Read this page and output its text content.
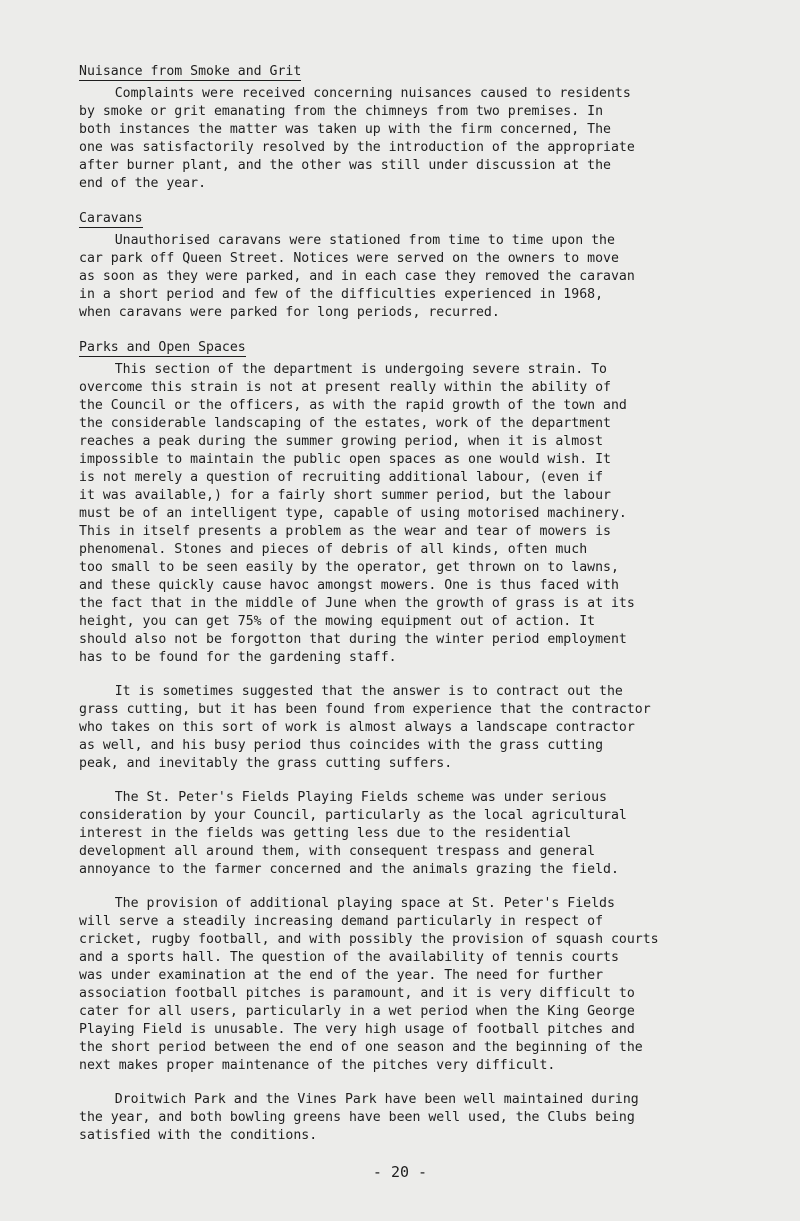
Nuisance from Smoke and Grit

Complaints were received concerning nuisances caused to residents
by smoke or grit emanating from the chimneys from two premises. In
both instances the matter was taken up with the firm concerned, The
one was satisfactorily resolved by the introduction of the appropriate
after burner plant, and the other was still under discussion at the
end of the year.

Caravans

Unauthorised caravans were stationed from time to time upon the
car park off Queen Street. Notices were served on the owners to move
as soon as they were parked, and in each case they removed the caravan
in a short period and few of the difficulties experienced in 1968,
when caravans were parked for long periods, recurred.

Parks and Open Spaces

This section of the department is undergoing severe strain. To
overcome this strain is not at present really within the ability of
the Council or the officers, as with the rapid growth of the town and
the considerable landscaping of the estates, work of the department
reaches a peak during the summer growing period, when it is almost
impossible to maintain the public open spaces as one would wish. It
is not merely a question of recruiting additional labour, (even if
it was available,) for a fairly short summer period, but the labour
must be of an intelligent type, capable of using motorised machinery.
This in itself presents a problem as the wear and tear of mowers is
phenomenal. Stones and pieces of debris of all kinds, often much
too small to be seen easily by the operator, get thrown on to lawns,
and these quickly cause havoc amongst mowers. One is thus faced with
the fact that in the middle of June when the growth of grass is at its
height, you can get 75% of the mowing equipment out of action. It
should also not be forgotton that during the winter period employment
has to be found for the gardening staff.

It is sometimes suggested that the answer is to contract out the
grass cutting, but it has been found from experience that the contractor
who takes on this sort of work is almost always a landscape contractor
as well, and his busy period thus coincides with the grass cutting
peak, and inevitably the grass cutting suffers.

The St. Peter's Fields Playing Fields scheme was under serious
consideration by your Council, particularly as the local agricultural
interest in the fields was getting less due to the residential
development all around them, with consequent trespass and general
annoyance to the farmer concerned and the animals grazing the field.

The provision of additional playing space at St. Peter's Fields
will serve a steadily increasing demand particularly in respect of
cricket, rugby football, and with possibly the provision of squash courts
and a sports hall. The question of the availability of tennis courts
was under examination at the end of the year. The need for further
association football pitches is paramount, and it is very difficult to
cater for all users, particularly in a wet period when the King George
Playing Field is unusable. The very high usage of football pitches and
the short period between the end of one season and the beginning of the
next makes proper maintenance of the pitches very difficult.

Droitwich Park and the Vines Park have been well maintained during
the year, and both bowling greens have been well used, the Clubs being
satisfied with the conditions.

- 20 -
